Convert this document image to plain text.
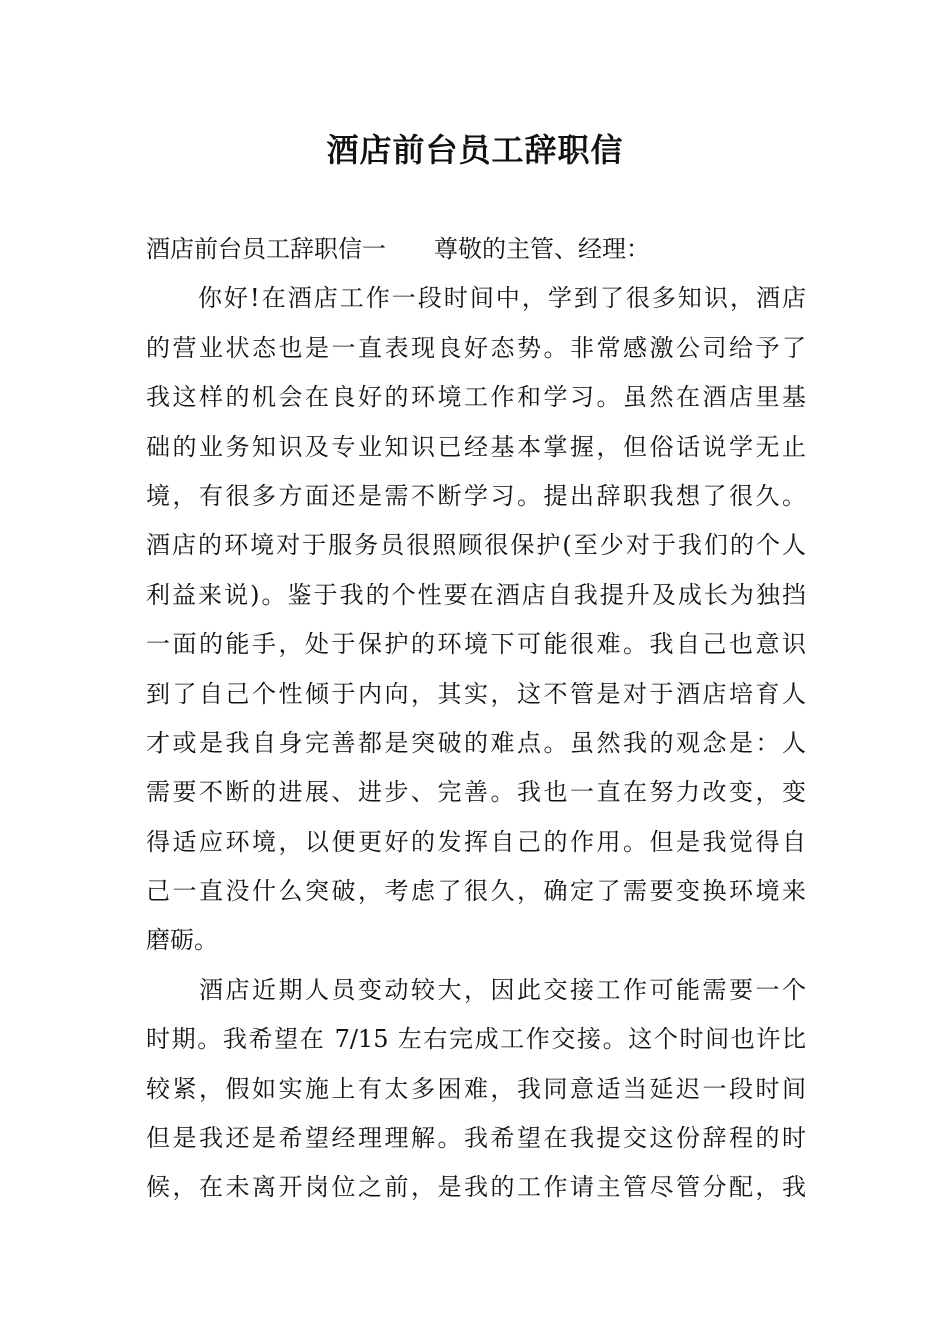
酒店前台员工辞职信
酒店前台员工辞职信一　　尊敬的主管、经理：
　　你好!在酒店工作一段时间中，学到了很多知识，酒店
的营业状态也是一直表现良好态势。非常感激公司给予了
我这样的机会在良好的环境工作和学习。虽然在酒店里基
础的业务知识及专业知识已经基本掌握，但俗话说学无止
境，有很多方面还是需不断学习。提出辞职我想了很久。
酒店的环境对于服务员很照顾很保护(至少对于我们的个人
利益来说)。鉴于我的个性要在酒店自我提升及成长为独挡
一面的能手，处于保护的环境下可能很难。我自己也意识
到了自己个性倾于内向，其实，这不管是对于酒店培育人
才或是我自身完善都是突破的难点。虽然我的观念是：人
需要不断的进展、进步、完善。我也一直在努力改变，变
得适应环境，以便更好的发挥自己的作用。但是我觉得自
己一直没什么突破，考虑了很久，确定了需要变换环境来
磨砺。
　　酒店近期人员变动较大，因此交接工作可能需要一个
时期。我希望在 7/15 左右完成工作交接。这个时间也许比
较紧，假如实施上有太多困难，我同意适当延迟一段时间
但是我还是希望经理理解。我希望在我提交这份辞程的时
候，在未离开岗位之前，是我的工作请主管尽管分配，我
